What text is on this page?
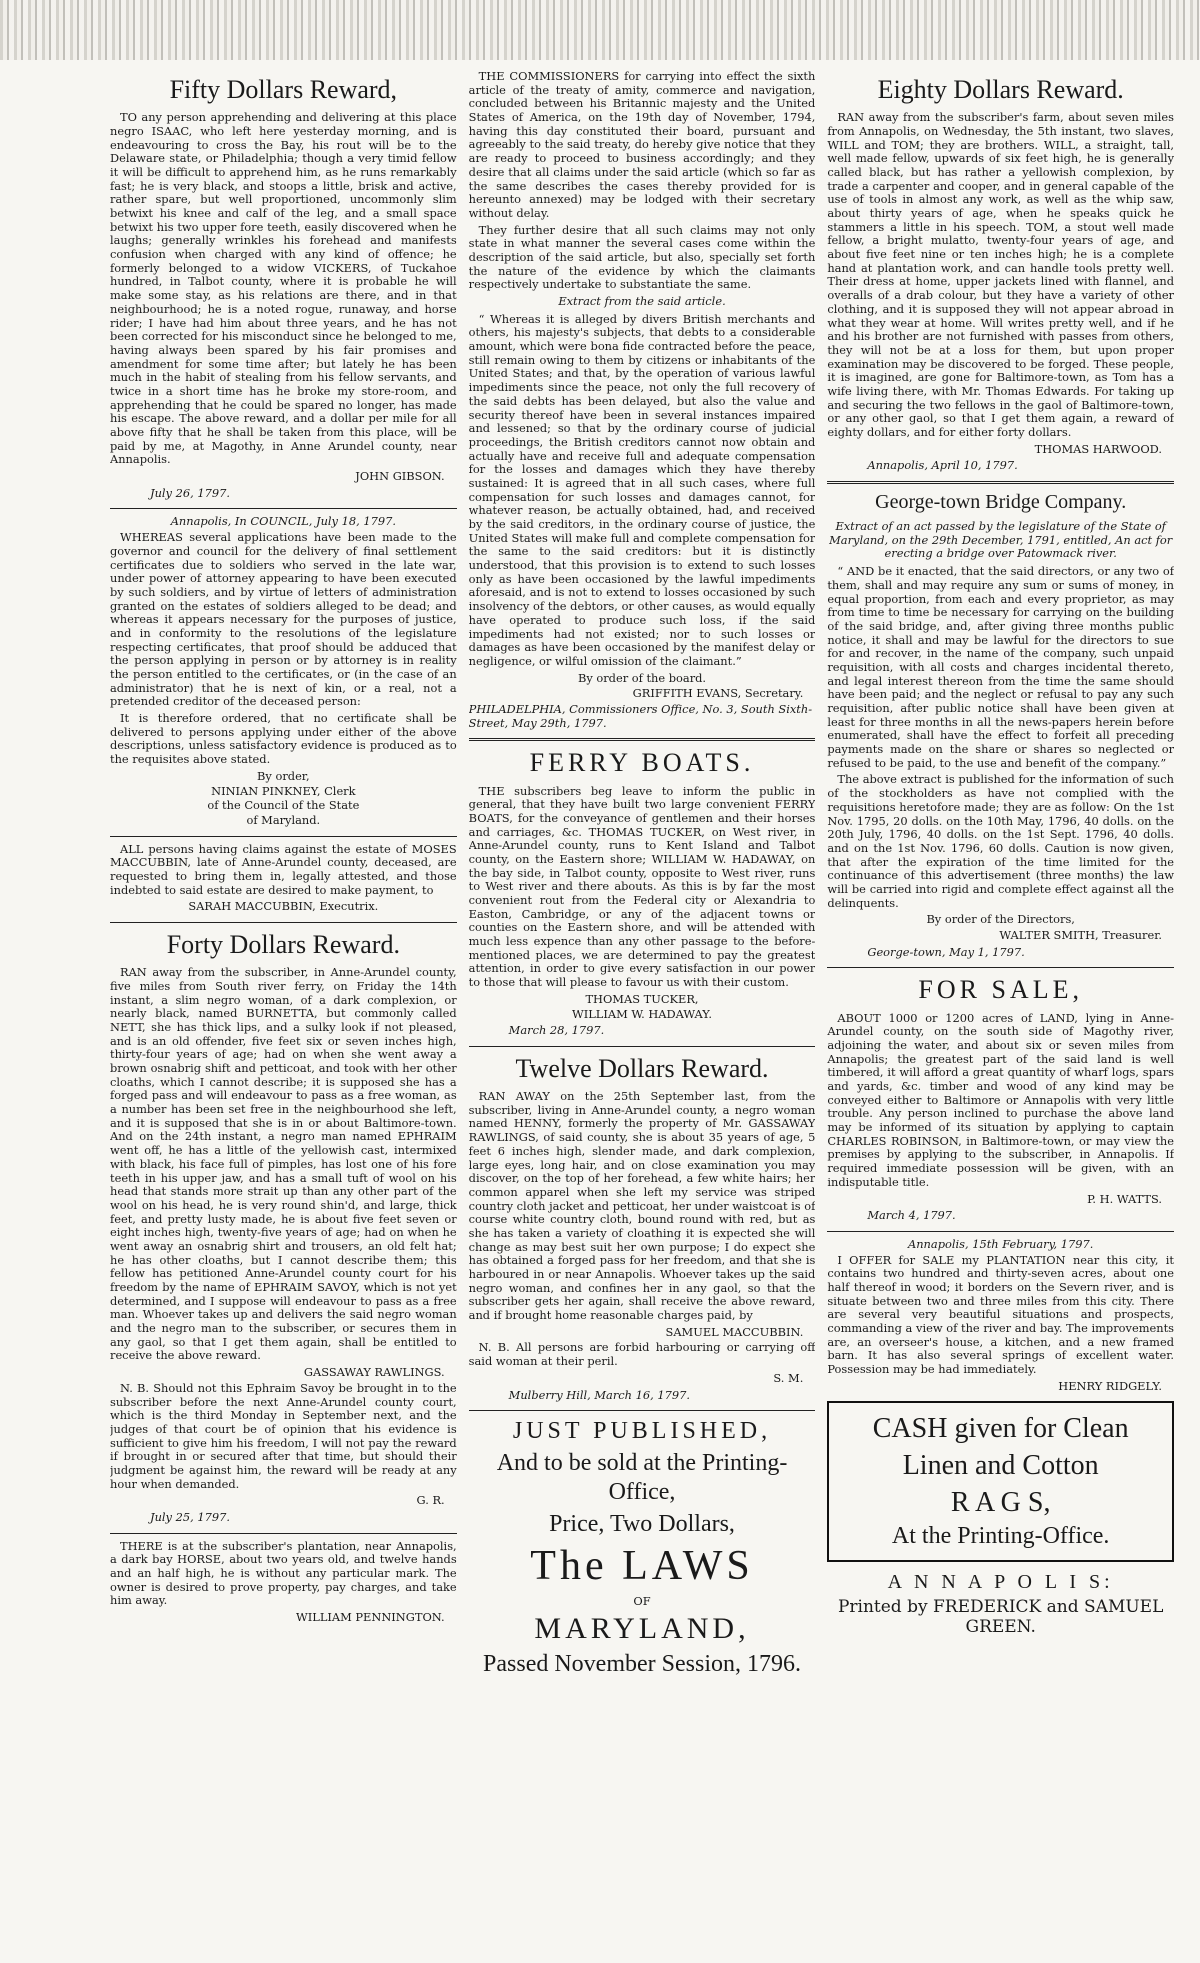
Fifty Dollars Reward,

TO any person apprehending and delivering at this place negro ISAAC, who left here yesterday morning, and is endeavouring to cross the Bay, his rout will be to the Delaware state, or Philadelphia; though a very timid fellow it will be difficult to apprehend him, as he runs remarkably fast; he is very black, and stoops a little, brisk and active, rather spare, but well proportioned, uncommonly slim betwixt his knee and calf of the leg, and a small space betwixt his two upper fore teeth, easily discovered when he laughs; generally wrinkles his forehead and manifests confusion when charged with any kind of offence; he formerly belonged to a widow VICKERS, of Tuckahoe hundred, in Talbot county, where it is probable he will make some stay, as his relations are there, and in that neighbourhood; he is a noted rogue, runaway, and horse rider; I have had him about three years, and he has not been corrected for his misconduct since he belonged to me, having always been spared by his fair promises and amendment for some time after; but lately he has been much in the habit of stealing from his fellow servants, and twice in a short time has he broke my store-room, and apprehending that he could be spared no longer, has made his escape. The above reward, and a dollar per mile for all above fifty that he shall be taken from this place, will be paid by me, at Magothy, in Anne Arundel county, near Annapolis.

JOHN GIBSON.
July 26, 1797.
Annapolis, In COUNCIL, July 18, 1797.

WHEREAS several applications have been made to the governor and council for the delivery of final settlement certificates due to soldiers who served in the late war, under power of attorney appearing to have been executed by such soldiers, and by virtue of letters of administration granted on the estates of soldiers alleged to be dead; and whereas it appears necessary for the purposes of justice, and in conformity to the resolutions of the legislature respecting certificates, that proof should be adduced that the person applying in person or by attorney is in reality the person entitled to the certificates, or (in the case of an administrator) that he is next of kin, or a real, not a pretended creditor of the deceased person:

It is therefore ordered, that no certificate shall be delivered to persons applying under either of the above descriptions, unless satisfactory evidence is produced as to the requisites above stated.

By order,
NINIAN PINKNEY, Clerk
of the Council of the State
of Maryland.

ALL persons having claims against the estate of MOSES MACCUBBIN, late of Anne-Arundel county, deceased, are requested to bring them in, legally attested, and those indebted to said estate are desired to make payment, to

SARAH MACCUBBIN, Executrix.
Forty Dollars Reward.

RAN away from the subscriber, in Anne-Arundel county, five miles from South river ferry, on Friday the 14th instant, a slim negro woman, of a dark complexion, or nearly black, named BURNETTA, but commonly called NETT, she has thick lips, and a sulky look if not pleased, and is an old offender, five feet six or seven inches high, thirty-four years of age; had on when she went away a brown osnabrig shift and petticoat, and took with her other cloaths, which I cannot describe; it is supposed she has a forged pass and will endeavour to pass as a free woman, as a number has been set free in the neighbourhood she left, and it is supposed that she is in or about Baltimore-town. And on the 24th instant, a negro man named EPHRAIM went off, he has a little of the yellowish cast, intermixed with black, his face full of pimples, has lost one of his fore teeth in his upper jaw, and has a small tuft of wool on his head that stands more strait up than any other part of the wool on his head, he is very round shin'd, and large, thick feet, and pretty lusty made, he is about five feet seven or eight inches high, twenty-five years of age; had on when he went away an osnabrig shirt and trousers, an old felt hat; he has other cloaths, but I cannot describe them; this fellow has petitioned Anne-Arundel county court for his freedom by the name of EPHRAIM SAVOY, which is not yet determined, and I suppose will endeavour to pass as a free man. Whoever takes up and delivers the said negro woman and the negro man to the subscriber, or secures them in any gaol, so that I get them again, shall be entitled to receive the above reward.

GASSAWAY RAWLINGS.

N. B. Should not this Ephraim Savoy be brought in to the subscriber before the next Anne-Arundel county court, which is the third Monday in September next, and the judges of that court be of opinion that his evidence is sufficient to give him his freedom, I will not pay the reward if brought in or secured after that time, but should their judgment be against him, the reward will be ready at any hour when demanded.

G. R.
July 25, 1797.

THERE is at the subscriber's plantation, near Annapolis, a dark bay HORSE, about two years old, and twelve hands and an half high, he is without any particular mark. The owner is desired to prove property, pay charges, and take him away.

WILLIAM PENNINGTON.

THE COMMISSIONERS for carrying into effect the sixth article of the treaty of amity, commerce and navigation, concluded between his Britannic majesty and the United States of America, on the 19th day of November, 1794, having this day constituted their board, pursuant and agreeably to the said treaty, do hereby give notice that they are ready to proceed to business accordingly; and they desire that all claims under the said article (which so far as the same describes the cases thereby provided for is hereunto annexed) may be lodged with their secretary without delay.

They further desire that all such claims may not only state in what manner the several cases come within the description of the said article, but also, specially set forth the nature of the evidence by which the claimants respectively undertake to substantiate the same.

Extract from the said article.

“ Whereas it is alleged by divers British merchants and others, his majesty's subjects, that debts to a considerable amount, which were bona fide contracted before the peace, still remain owing to them by citizens or inhabitants of the United States; and that, by the operation of various lawful impediments since the peace, not only the full recovery of the said debts has been delayed, but also the value and security thereof have been in several instances impaired and lessened; so that by the ordinary course of judicial proceedings, the British creditors cannot now obtain and actually have and receive full and adequate compensation for the losses and damages which they have thereby sustained: It is agreed that in all such cases, where full compensation for such losses and damages cannot, for whatever reason, be actually obtained, had, and received by the said creditors, in the ordinary course of justice, the United States will make full and complete compensation for the same to the said creditors: but it is distinctly understood, that this provision is to extend to such losses only as have been occasioned by the lawful impediments aforesaid, and is not to extend to losses occasioned by such insolvency of the debtors, or other causes, as would equally have operated to produce such loss, if the said impediments had not existed; nor to such losses or damages as have been occasioned by the manifest delay or negligence, or wilful omission of the claimant.”

By order of the board.
GRIFFITH EVANS, Secretary.
PHILADELPHIA, Commissioners Office, No. 3, South Sixth-Street, May 29th, 1797.
FERRY BOATS.

THE subscribers beg leave to inform the public in general, that they have built two large convenient FERRY BOATS, for the conveyance of gentlemen and their horses and carriages, &c. THOMAS TUCKER, on West river, in Anne-Arundel county, runs to Kent Island and Talbot county, on the Eastern shore; WILLIAM W. HADAWAY, on the bay side, in Talbot county, opposite to West river, runs to West river and there abouts. As this is by far the most convenient rout from the Federal city or Alexandria to Easton, Cambridge, or any of the adjacent towns or counties on the Eastern shore, and will be attended with much less expence than any other passage to the before-mentioned places, we are determined to pay the greatest attention, in order to give every satisfaction in our power to those that will please to favour us with their custom.

THOMAS TUCKER,
WILLIAM W. HADAWAY.
March 28, 1797.
Twelve Dollars Reward.

RAN AWAY on the 25th September last, from the subscriber, living in Anne-Arundel county, a negro woman named HENNY, formerly the property of Mr. GASSAWAY RAWLINGS, of said county, she is about 35 years of age, 5 feet 6 inches high, slender made, and dark complexion, large eyes, long hair, and on close examination you may discover, on the top of her forehead, a few white hairs; her common apparel when she left my service was striped country cloth jacket and petticoat, her under waistcoat is of course white country cloth, bound round with red, but as she has taken a variety of cloathing it is expected she will change as may best suit her own purpose; I do expect she has obtained a forged pass for her freedom, and that she is harboured in or near Annapolis. Whoever takes up the said negro woman, and confines her in any gaol, so that the subscriber gets her again, shall receive the above reward, and if brought home reasonable charges paid, by

SAMUEL MACCUBBIN.

N. B. All persons are forbid harbouring or carrying off said woman at their peril.

S. M.
Mulberry Hill, March 16, 1797.
JUST PUBLISHED,
And to be sold at the Printing-Office,
Price, Two Dollars,
The LAWS
OF
MARYLAND,
Passed November Session, 1796.
Eighty Dollars Reward.

RAN away from the subscriber's farm, about seven miles from Annapolis, on Wednesday, the 5th instant, two slaves, WILL and TOM; they are brothers. WILL, a straight, tall, well made fellow, upwards of six feet high, he is generally called black, but has rather a yellowish complexion, by trade a carpenter and cooper, and in general capable of the use of tools in almost any work, as well as the whip saw, about thirty years of age, when he speaks quick he stammers a little in his speech. TOM, a stout well made fellow, a bright mulatto, twenty-four years of age, and about five feet nine or ten inches high; he is a complete hand at plantation work, and can handle tools pretty well. Their dress at home, upper jackets lined with flannel, and overalls of a drab colour, but they have a variety of other clothing, and it is supposed they will not appear abroad in what they wear at home. Will writes pretty well, and if he and his brother are not furnished with passes from others, they will not be at a loss for them, but upon proper examination may be discovered to be forged. These people, it is imagined, are gone for Baltimore-town, as Tom has a wife living there, with Mr. Thomas Edwards. For taking up and securing the two fellows in the gaol of Baltimore-town, or any other gaol, so that I get them again, a reward of eighty dollars, and for either forty dollars.

THOMAS HARWOOD.
Annapolis, April 10, 1797.
George-town Bridge Company.
Extract of an act passed by the legislature of the State of Maryland, on the 29th December, 1791, entitled, An act for erecting a bridge over Patowmack river.

“ AND be it enacted, that the said directors, or any two of them, shall and may require any sum or sums of money, in equal proportion, from each and every proprietor, as may from time to time be necessary for carrying on the building of the said bridge, and, after giving three months public notice, it shall and may be lawful for the directors to sue for and recover, in the name of the company, such unpaid requisition, with all costs and charges incidental thereto, and legal interest thereon from the time the same should have been paid; and the neglect or refusal to pay any such requisition, after public notice shall have been given at least for three months in all the news-papers herein before enumerated, shall have the effect to forfeit all preceding payments made on the share or shares so neglected or refused to be paid, to the use and benefit of the company.”

The above extract is published for the information of such of the stockholders as have not complied with the requisitions heretofore made; they are as follow: On the 1st Nov. 1795, 20 dolls. on the 10th May, 1796, 40 dolls. on the 20th July, 1796, 40 dolls. on the 1st Sept. 1796, 40 dolls. and on the 1st Nov. 1796, 60 dolls. Caution is now given, that after the expiration of the time limited for the continuance of this advertisement (three months) the law will be carried into rigid and complete effect against all the delinquents.

By order of the Directors,
WALTER SMITH, Treasurer.
George-town, May 1, 1797.
FOR SALE,

ABOUT 1000 or 1200 acres of LAND, lying in Anne-Arundel county, on the south side of Magothy river, adjoining the water, and about six or seven miles from Annapolis; the greatest part of the said land is well timbered, it will afford a great quantity of wharf logs, spars and yards, &c. timber and wood of any kind may be conveyed either to Baltimore or Annapolis with very little trouble. Any person inclined to purchase the above land may be informed of its situation by applying to captain CHARLES ROBINSON, in Baltimore-town, or may view the premises by applying to the subscriber, in Annapolis. If required immediate possession will be given, with an indisputable title.

P. H. WATTS.
March 4, 1797.
Annapolis, 15th February, 1797.

I OFFER for SALE my PLANTATION near this city, it contains two hundred and thirty-seven acres, about one half thereof in wood; it borders on the Severn river, and is situate between two and three miles from this city. There are several very beautiful situations and prospects, commanding a view of the river and bay. The improvements are, an overseer's house, a kitchen, and a new framed barn. It has also several springs of excellent water. Possession may be had immediately.

HENRY RIDGELY.
CASH given for Clean
Linen and Cotton
R A G S,
At the Printing-Office.
A N N A P O L I S:
Printed by FREDERICK and SAMUEL
GREEN.
